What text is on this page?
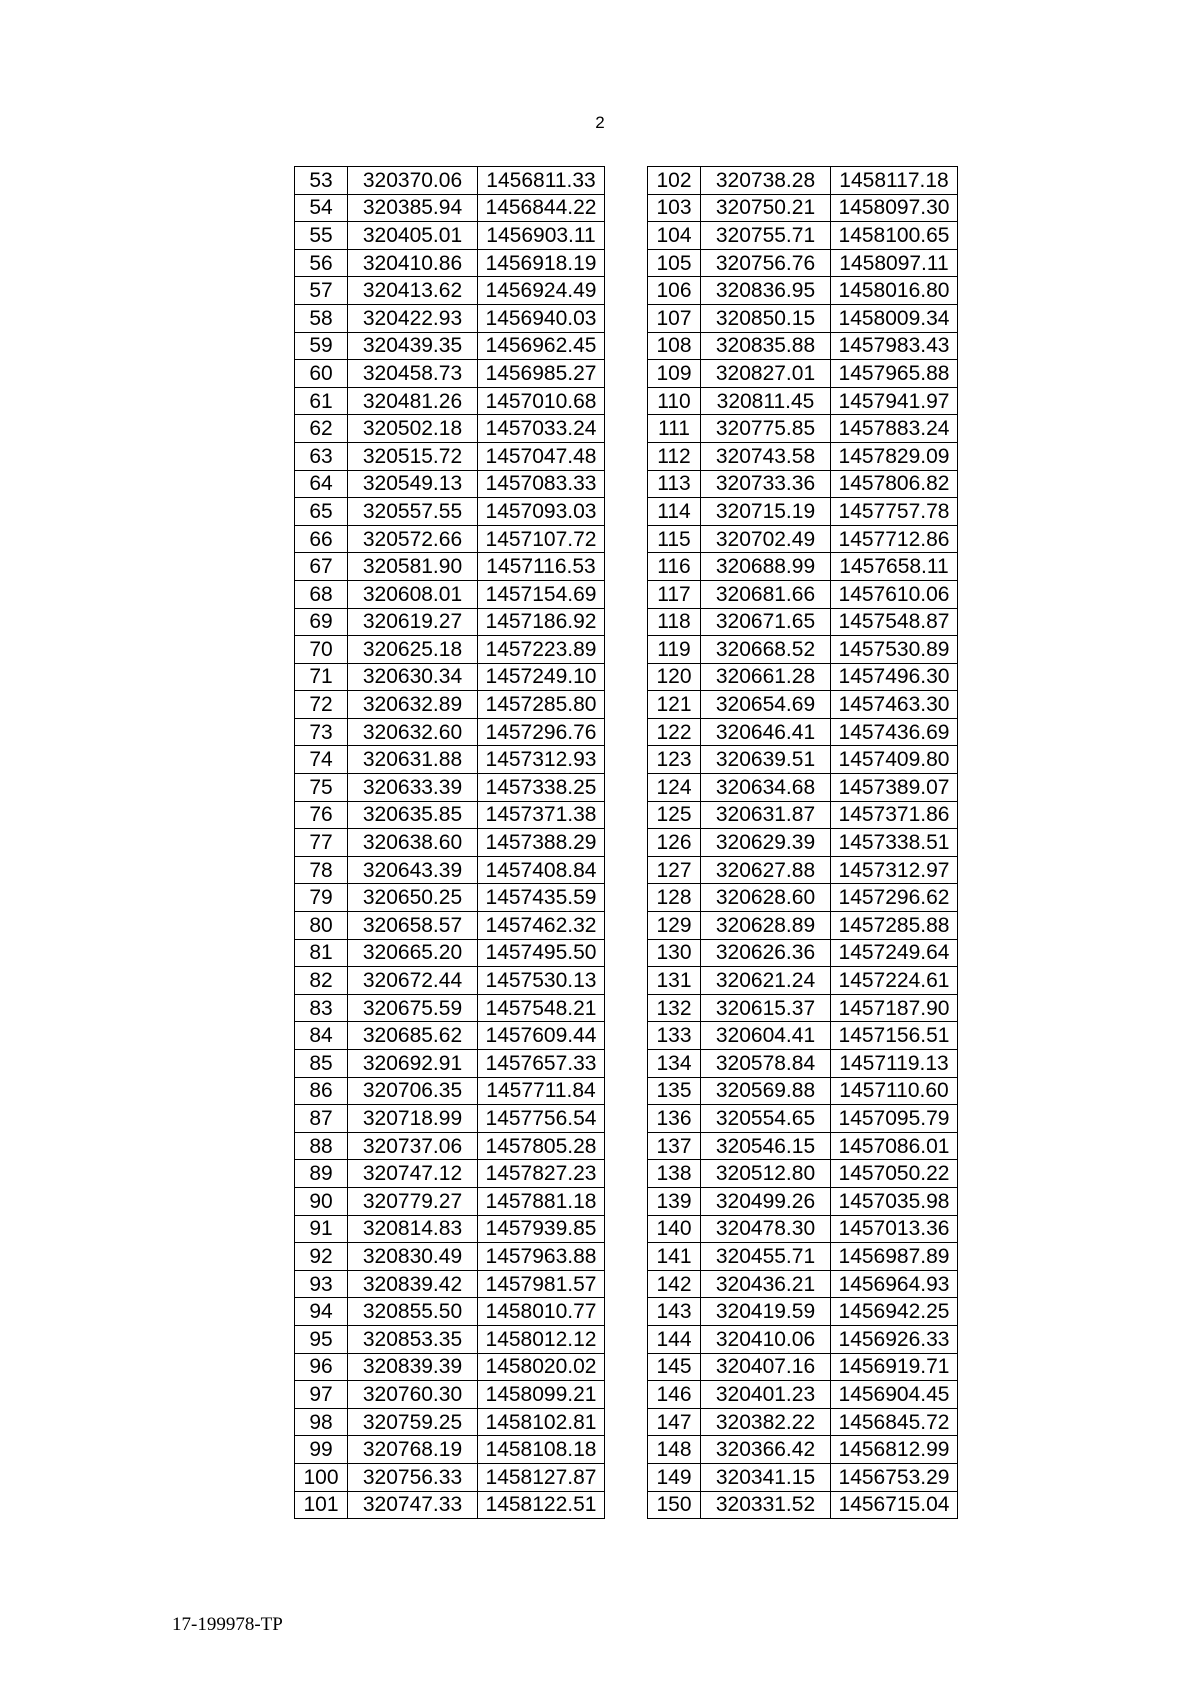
2
53	320370.06	1456811.33
54	320385.94	1456844.22
55	320405.01	1456903.11
56	320410.86	1456918.19
57	320413.62	1456924.49
58	320422.93	1456940.03
59	320439.35	1456962.45
60	320458.73	1456985.27
61	320481.26	1457010.68
62	320502.18	1457033.24
63	320515.72	1457047.48
64	320549.13	1457083.33
65	320557.55	1457093.03
66	320572.66	1457107.72
67	320581.90	1457116.53
68	320608.01	1457154.69
69	320619.27	1457186.92
70	320625.18	1457223.89
71	320630.34	1457249.10
72	320632.89	1457285.80
73	320632.60	1457296.76
74	320631.88	1457312.93
75	320633.39	1457338.25
76	320635.85	1457371.38
77	320638.60	1457388.29
78	320643.39	1457408.84
79	320650.25	1457435.59
80	320658.57	1457462.32
81	320665.20	1457495.50
82	320672.44	1457530.13
83	320675.59	1457548.21
84	320685.62	1457609.44
85	320692.91	1457657.33
86	320706.35	1457711.84
87	320718.99	1457756.54
88	320737.06	1457805.28
89	320747.12	1457827.23
90	320779.27	1457881.18
91	320814.83	1457939.85
92	320830.49	1457963.88
93	320839.42	1457981.57
94	320855.50	1458010.77
95	320853.35	1458012.12
96	320839.39	1458020.02
97	320760.30	1458099.21
98	320759.25	1458102.81
99	320768.19	1458108.18
100	320756.33	1458127.87
101	320747.33	1458122.51
102	320738.28	1458117.18
103	320750.21	1458097.30
104	320755.71	1458100.65
105	320756.76	1458097.11
106	320836.95	1458016.80
107	320850.15	1458009.34
108	320835.88	1457983.43
109	320827.01	1457965.88
110	320811.45	1457941.97
111	320775.85	1457883.24
112	320743.58	1457829.09
113	320733.36	1457806.82
114	320715.19	1457757.78
115	320702.49	1457712.86
116	320688.99	1457658.11
117	320681.66	1457610.06
118	320671.65	1457548.87
119	320668.52	1457530.89
120	320661.28	1457496.30
121	320654.69	1457463.30
122	320646.41	1457436.69
123	320639.51	1457409.80
124	320634.68	1457389.07
125	320631.87	1457371.86
126	320629.39	1457338.51
127	320627.88	1457312.97
128	320628.60	1457296.62
129	320628.89	1457285.88
130	320626.36	1457249.64
131	320621.24	1457224.61
132	320615.37	1457187.90
133	320604.41	1457156.51
134	320578.84	1457119.13
135	320569.88	1457110.60
136	320554.65	1457095.79
137	320546.15	1457086.01
138	320512.80	1457050.22
139	320499.26	1457035.98
140	320478.30	1457013.36
141	320455.71	1456987.89
142	320436.21	1456964.93
143	320419.59	1456942.25
144	320410.06	1456926.33
145	320407.16	1456919.71
146	320401.23	1456904.45
147	320382.22	1456845.72
148	320366.42	1456812.99
149	320341.15	1456753.29
150	320331.52	1456715.04
17-199978-TP
